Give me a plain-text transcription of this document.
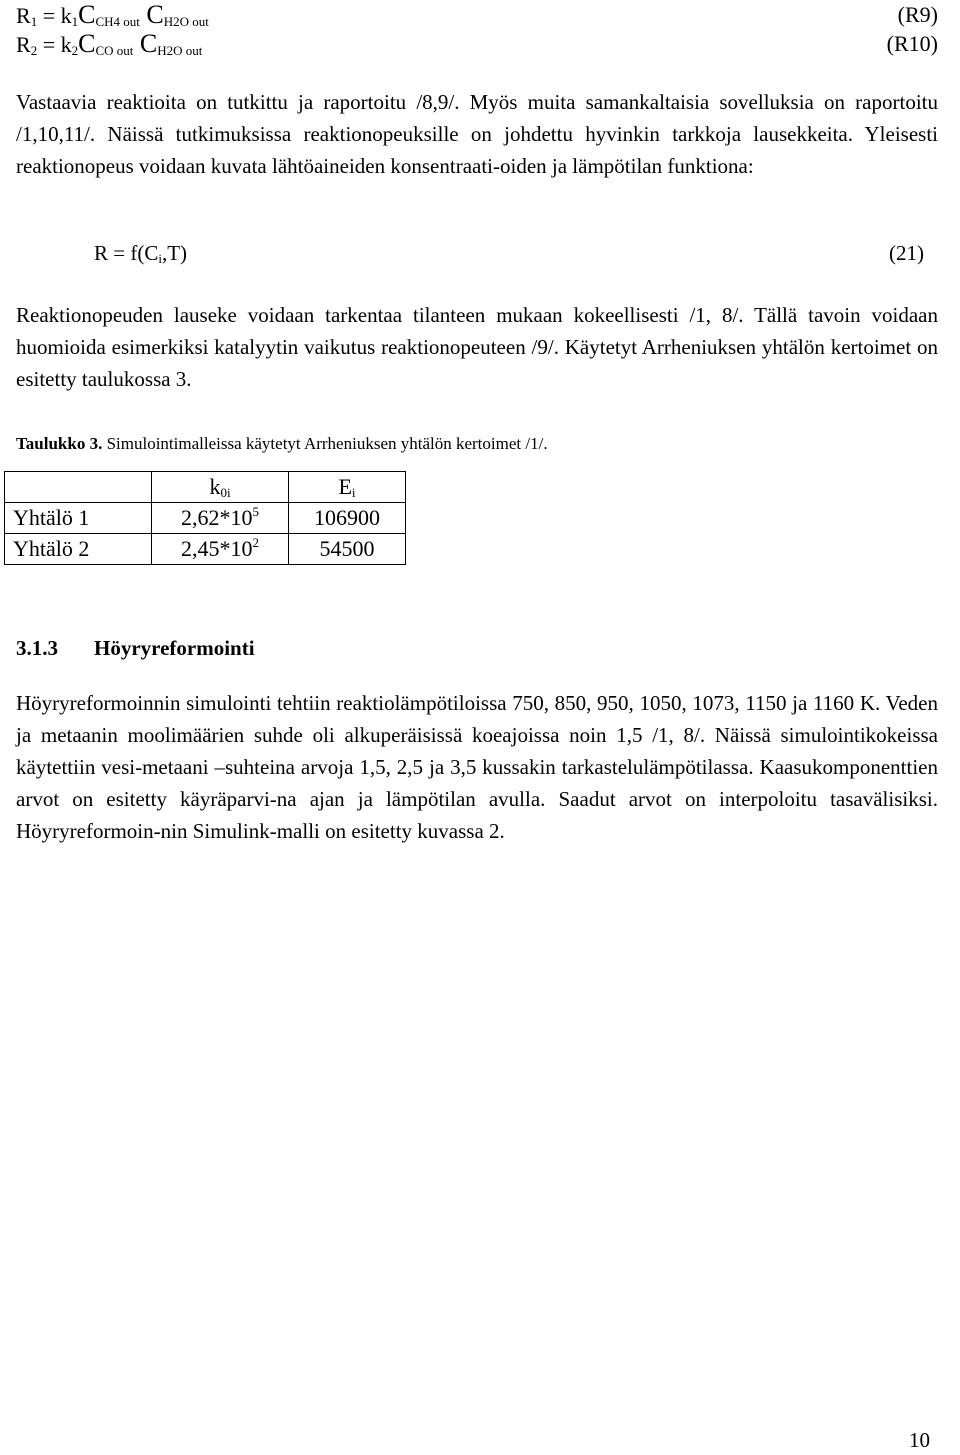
$R_1 = k_1C_{CH4 out}$ $C_{H2O out}$	(R9)
$R_2 = k_2C_{CO out}$ $C_{H2O out}$	(R10)
Vastaavia reaktioita on tutkittu ja raportoitu /8,9/. Myös muita samankaltaisia sovelluksia on raportoitu /1,10,11/. Näissä tutkimuksissa reaktionopeuksille on johdettu hyvinkin tarkkoja lausekkeita. Yleisesti reaktionopeus voidaan kuvata lähtöaineiden konsentraati-oiden ja lämpötilan funktiona:
$R = f(C_i,T)$	(21)
Reaktionopeuden lauseke voidaan tarkentaa tilanteen mukaan kokeellisesti /1, 8/. Tällä tavoin voidaan huomioida esimerkiksi katalyytin vaikutus reaktionopeuteen /9/. Käytetyt Arrheniuksen yhtälön kertoimet on esitetty taulukossa 3.
Taulukko 3. Simulointimalleissa käytetyt Arrheniuksen yhtälön kertoimet /1/.
	$k_{0i}$	$E_i$
Yhtälö 1	$2,62*10^5$	106900
Yhtälö 2	$2,45*10^2$	54500
3.1.3 Höyryreformointi
Höyryreformoinnin simulointi tehtiin reaktiolämpötiloissa 750, 850, 950, 1050, 1073, 1150 ja 1160 K. Veden ja metaanin moolimäärien suhde oli alkuperäisissä koeajoissa noin 1,5 /1, 8/. Näissä simulointikokeissa käytettiin vesi-metaani –suhteina arvoja 1,5, 2,5 ja 3,5 kussakin tarkastelulämpötilassa. Kaasukomponenttien arvot on esitetty käyräparvi-na ajan ja lämpötilan avulla. Saadut arvot on interpoloitu tasavälisiksi. Höyryreformoin-nin Simulink-malli on esitetty kuvassa 2.
10
